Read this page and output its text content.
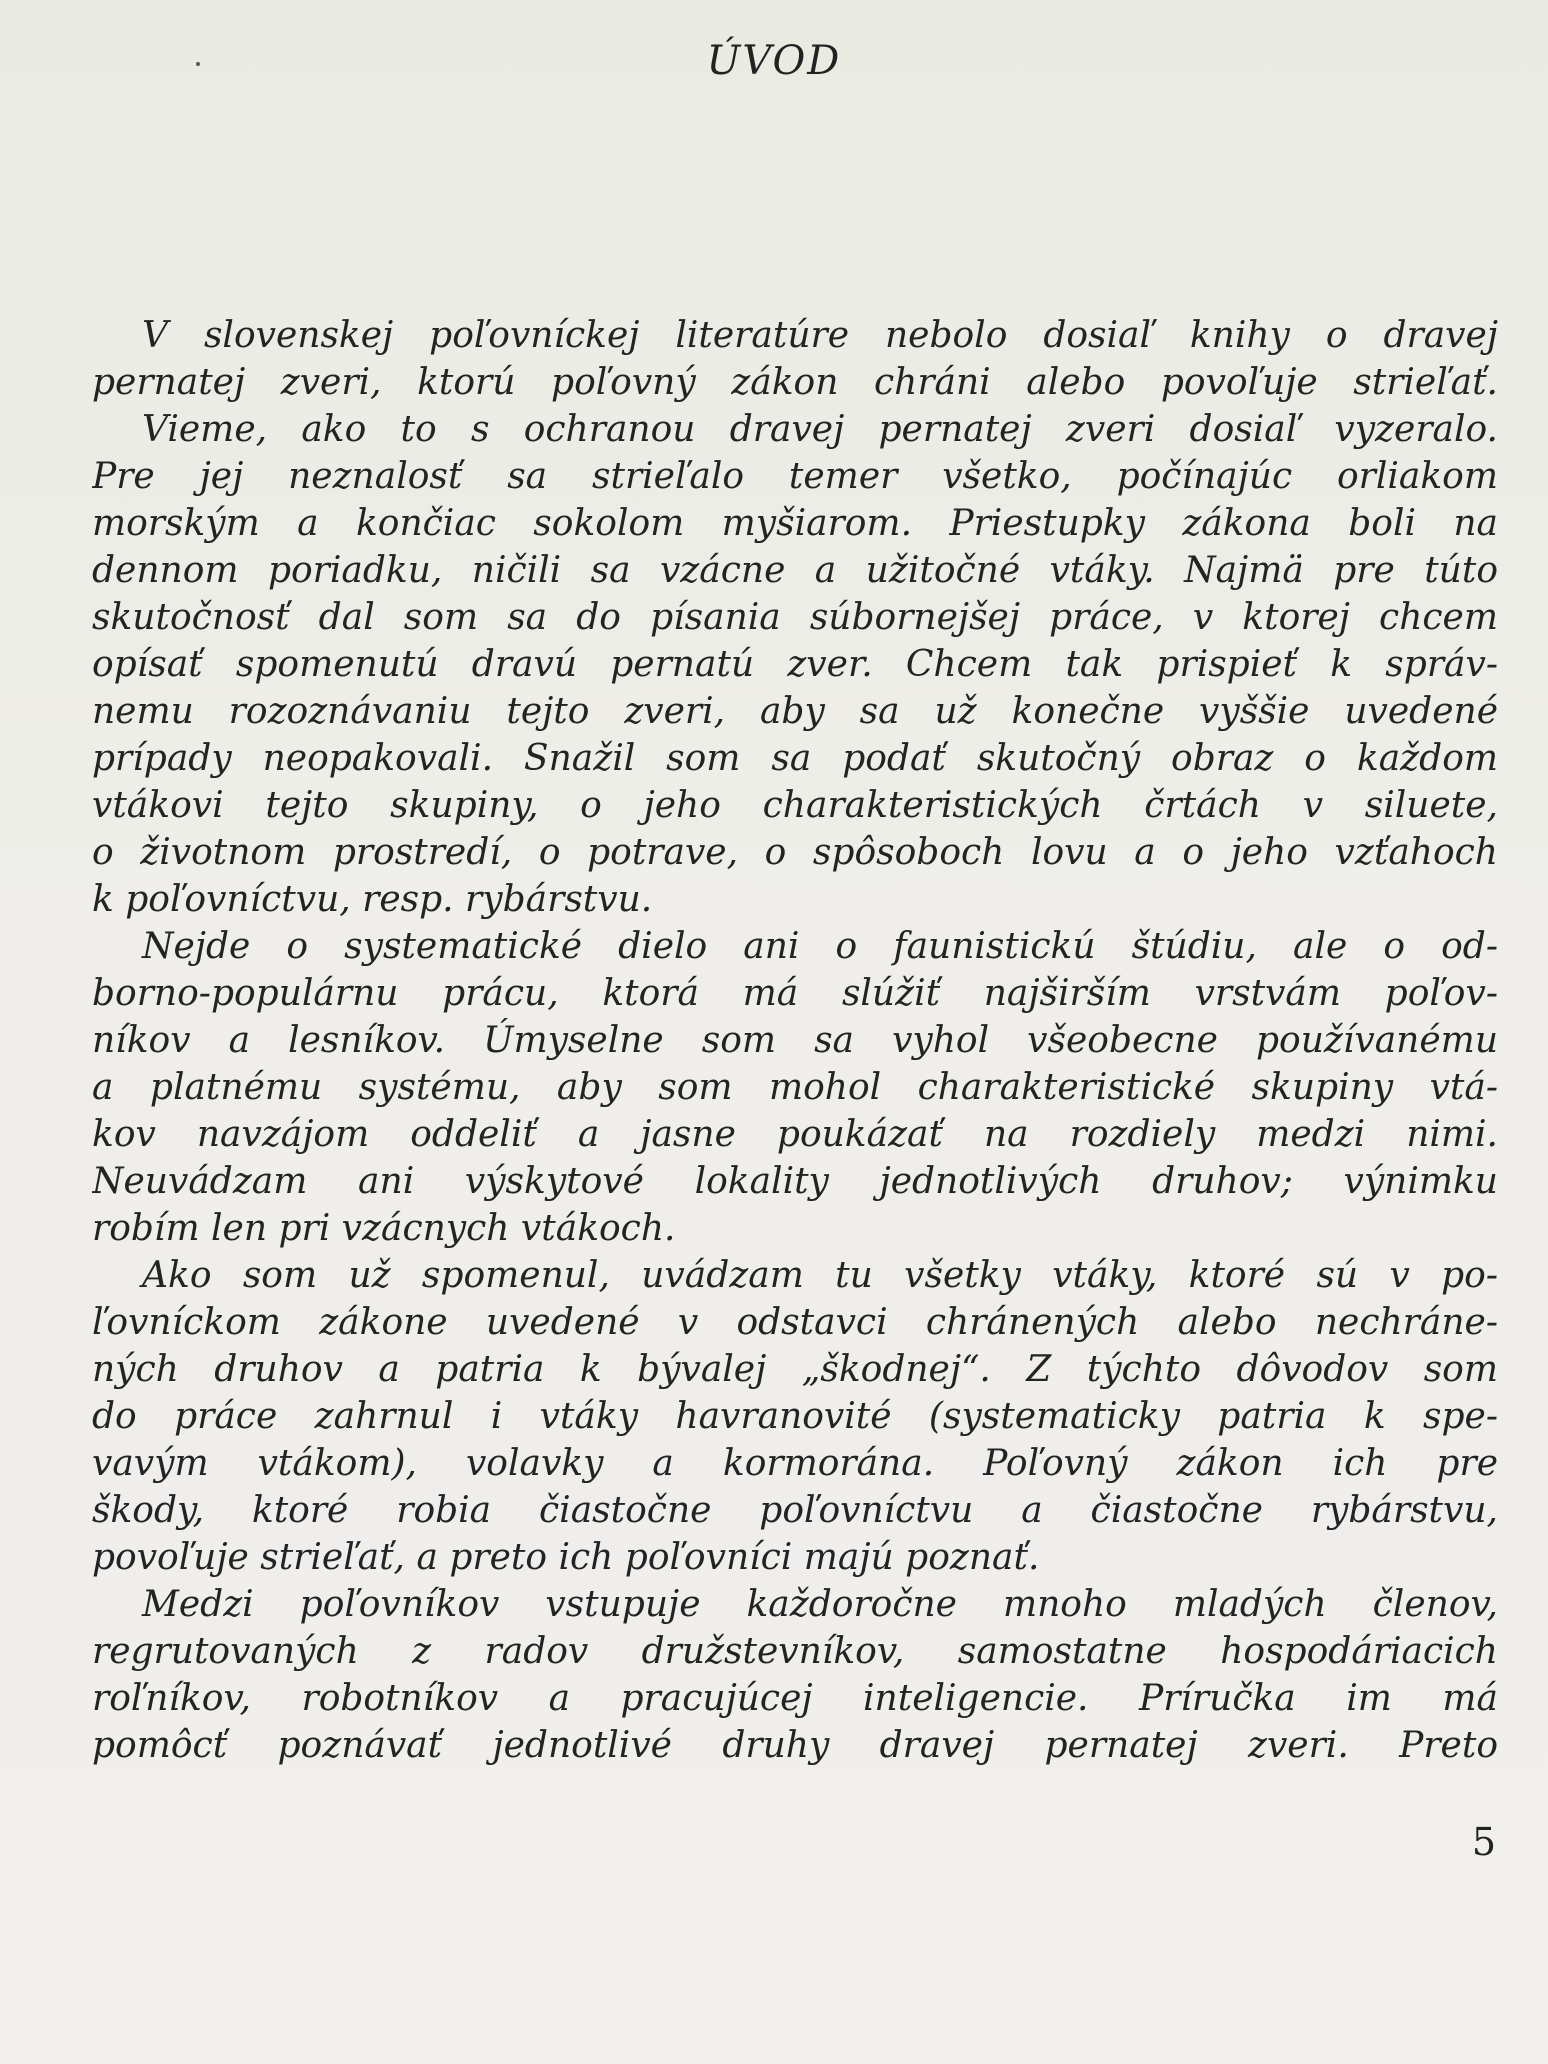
ÚVOD
V slovenskej poľovníckej literatúre nebolo dosiaľ knihy o dravej
pernatej zveri, ktorú poľovný zákon chráni alebo povoľuje strieľať.
Vieme, ako to s ochranou dravej pernatej zveri dosiaľ vyzeralo.
Pre jej neznalosť sa strieľalo temer všetko, počínajúc orliakom
morským a končiac sokolom myšiarom. Priestupky zákona boli na
dennom poriadku, ničili sa vzácne a užitočné vtáky. Najmä pre túto
skutočnosť dal som sa do písania súbornejšej práce, v ktorej chcem
opísať spomenutú dravú pernatú zver. Chcem tak prispieť k správ-
nemu rozoznávaniu tejto zveri, aby sa už konečne vyššie uvedené
prípady neopakovali. Snažil som sa podať skutočný obraz o každom
vtákovi tejto skupiny, o jeho charakteristických črtách v siluete,
o životnom prostredí, o potrave, o spôsoboch lovu a o jeho vzťahoch
k poľovníctvu, resp. rybárstvu.
Nejde o systematické dielo ani o faunistickú štúdiu, ale o od-
borno-populárnu prácu, ktorá má slúžiť najširším vrstvám poľov-
níkov a lesníkov. Úmyselne som sa vyhol všeobecne používanému
a platnému systému, aby som mohol charakteristické skupiny vtá-
kov navzájom oddeliť a jasne poukázať na rozdiely medzi nimi.
Neuvádzam ani výskytové lokality jednotlivých druhov; výnimku
robím len pri vzácnych vtákoch.
Ako som už spomenul, uvádzam tu všetky vtáky, ktoré sú v po-
ľovníckom zákone uvedené v odstavci chránených alebo nechráne-
ných druhov a patria k bývalej „škodnej“. Z týchto dôvodov som
do práce zahrnul i vtáky havranovité (systematicky patria k spe-
vavým vtákom), volavky a kormorána. Poľovný zákon ich pre
škody, ktoré robia čiastočne poľovníctvu a čiastočne rybárstvu,
povoľuje strieľať, a preto ich poľovníci majú poznať.
Medzi poľovníkov vstupuje každoročne mnoho mladých členov,
regrutovaných z radov družstevníkov, samostatne hospodáriacich
roľníkov, robotníkov a pracujúcej inteligencie. Príručka im má
pomôcť poznávať jednotlivé druhy dravej pernatej zveri. Preto
5
